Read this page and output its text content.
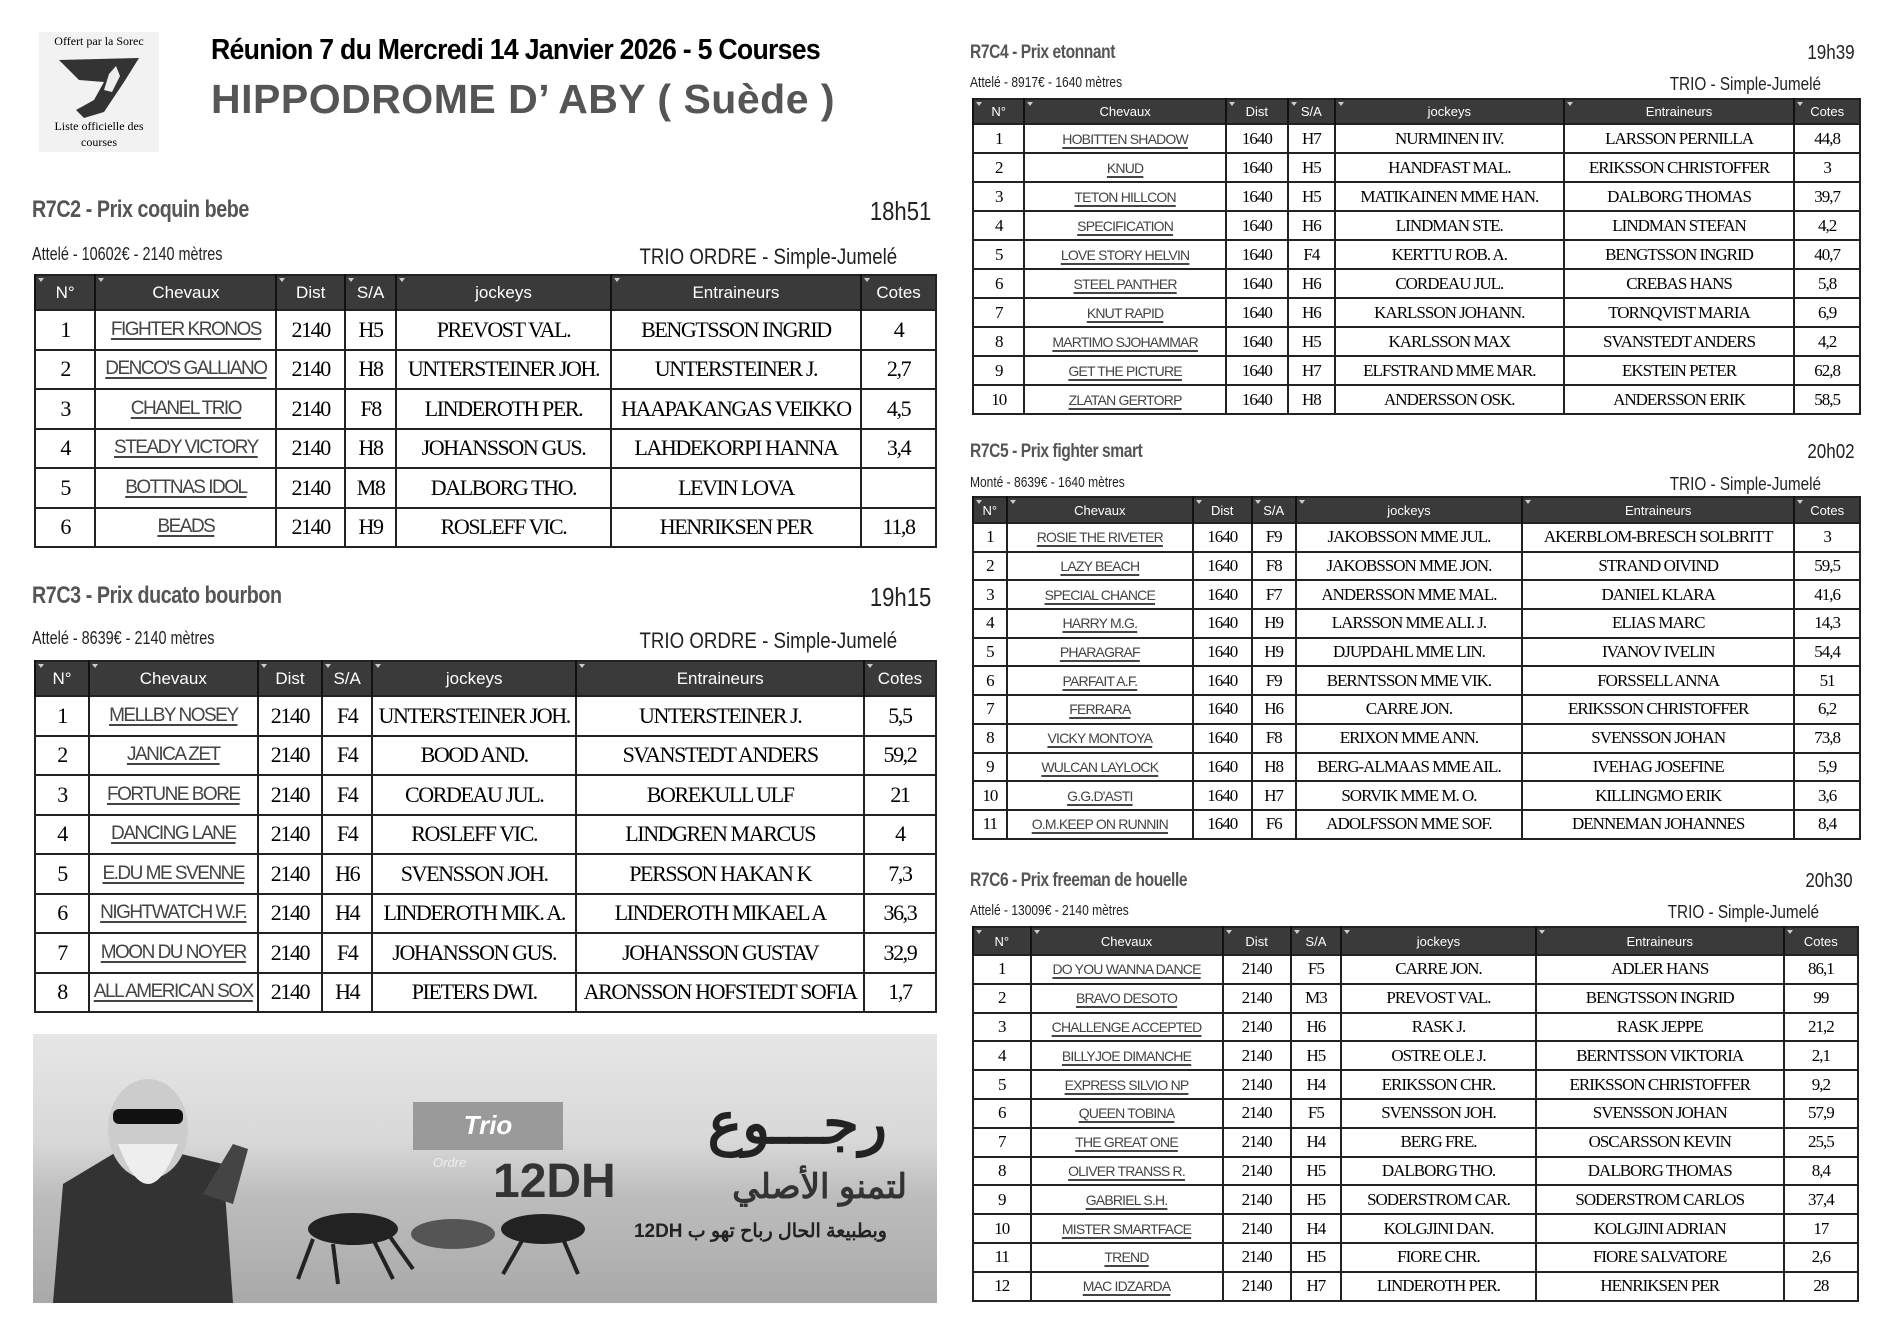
Offert par la Sorec
Liste officielle des courses
Réunion 7 du Mercredi 14 Janvier 2026 - 5 Courses
HIPPODROME D’ ABY ( Suède )
R7C2 - Prix coquin bebe	18h51
Attelé - 10602€ - 2140 mètres	TRIO ORDRE - Simple-Jumelé
N°	Chevaux	Dist	S/A	jockeys	Entraineurs	Cotes
1	FIGHTER KRONOS	2140	H5	PREVOST VAL.	BENGTSSON INGRID	4
2	DENCO'S GALLIANO	2140	H8	UNTERSTEINER JOH.	UNTERSTEINER J.	2,7
3	CHANEL TRIO	2140	F8	LINDEROTH PER.	HAAPAKANGAS VEIKKO	4,5
4	STEADY VICTORY	2140	H8	JOHANSSON GUS.	LAHDEKORPI HANNA	3,4
5	BOTTNAS IDOL	2140	M8	DALBORG THO.	LEVIN LOVA	
6	BEADS	2140	H9	ROSLEFF VIC.	HENRIKSEN PER	11,8
R7C3 - Prix ducato bourbon	19h15
Attelé - 8639€ - 2140 mètres	TRIO ORDRE - Simple-Jumelé
N°	Chevaux	Dist	S/A	jockeys	Entraineurs	Cotes
1	MELLBY NOSEY	2140	F4	UNTERSTEINER JOH.	UNTERSTEINER J.	5,5
2	JANICA ZET	2140	F4	BOOD AND.	SVANSTEDT ANDERS	59,2
3	FORTUNE BORE	2140	F4	CORDEAU JUL.	BOREKULL ULF	21
4	DANCING LANE	2140	F4	ROSLEFF VIC.	LINDGREN MARCUS	4
5	E.DU ME SVENNE	2140	H6	SVENSSON JOH.	PERSSON HAKAN K	7,3
6	NIGHTWATCH W.F.	2140	H4	LINDEROTH MIK. A.	LINDEROTH MIKAEL A	36,3
7	MOON DU NOYER	2140	F4	JOHANSSON GUS.	JOHANSSON GUSTAV	32,9
8	ALL AMERICAN SOX	2140	H4	PIETERS DWI.	ARONSSON HOFSTEDT SOFIA	1,7
R7C4 - Prix etonnant	19h39
Attelé - 8917€ - 1640 mètres	TRIO - Simple-Jumelé
N°	Chevaux	Dist	S/A	jockeys	Entraineurs	Cotes
1	HOBITTEN SHADOW	1640	H7	NURMINEN IIV.	LARSSON PERNILLA	44,8
2	KNUD	1640	H5	HANDFAST MAL.	ERIKSSON CHRISTOFFER	3
3	TETON HILLCON	1640	H5	MATIKAINEN MME HAN.	DALBORG THOMAS	39,7
4	SPECIFICATION	1640	H6	LINDMAN STE.	LINDMAN STEFAN	4,2
5	LOVE STORY HELVIN	1640	F4	KERTTU ROB. A.	BENGTSSON INGRID	40,7
6	STEEL PANTHER	1640	H6	CORDEAU JUL.	CREBAS HANS	5,8
7	KNUT RAPID	1640	H6	KARLSSON JOHANN.	TORNQVIST MARIA	6,9
8	MARTIMO SJOHAMMAR	1640	H5	KARLSSON MAX	SVANSTEDT ANDERS	4,2
9	GET THE PICTURE	1640	H7	ELFSTRAND MME MAR.	EKSTEIN PETER	62,8
10	ZLATAN GERTORP	1640	H8	ANDERSSON OSK.	ANDERSSON ERIK	58,5
R7C5 - Prix fighter smart	20h02
Monté - 8639€ - 1640 mètres	TRIO - Simple-Jumelé
N°	Chevaux	Dist	S/A	jockeys	Entraineurs	Cotes
1	ROSIE THE RIVETER	1640	F9	JAKOBSSON MME JUL.	AKERBLOM-BRESCH SOLBRITT	3
2	LAZY BEACH	1640	F8	JAKOBSSON MME JON.	STRAND OIVIND	59,5
3	SPECIAL CHANCE	1640	F7	ANDERSSON MME MAL.	DANIEL KLARA	41,6
4	HARRY M.G.	1640	H9	LARSSON MME ALI. J.	ELIAS MARC	14,3
5	PHARAGRAF	1640	H9	DJUPDAHL MME LIN.	IVANOV IVELIN	54,4
6	PARFAIT A.F.	1640	F9	BERNTSSON MME VIK.	FORSSELL ANNA	51
7	FERRARA	1640	H6	CARRE JON.	ERIKSSON CHRISTOFFER	6,2
8	VICKY MONTOYA	1640	F8	ERIXON MME ANN.	SVENSSON JOHAN	73,8
9	WULCAN LAYLOCK	1640	H8	BERG-ALMAAS MME AIL.	IVEHAG JOSEFINE	5,9
10	G.G.D'ASTI	1640	H7	SORVIK MME M. O.	KILLINGMO ERIK	3,6
11	O.M.KEEP ON RUNNIN	1640	F6	ADOLFSSON MME SOF.	DENNEMAN JOHANNES	8,4
R7C6 - Prix freeman de houelle	20h30
Attelé - 13009€ - 2140 mètres	TRIO - Simple-Jumelé
N°	Chevaux	Dist	S/A	jockeys	Entraineurs	Cotes
1	DO YOU WANNA DANCE	2140	F5	CARRE JON.	ADLER HANS	86,1
2	BRAVO DESOTO	2140	M3	PREVOST VAL.	BENGTSSON INGRID	99
3	CHALLENGE ACCEPTED	2140	H6	RASK J.	RASK JEPPE	21,2
4	BILLYJOE DIMANCHE	2140	H5	OSTRE OLE J.	BERNTSSON VIKTORIA	2,1
5	EXPRESS SILVIO NP	2140	H4	ERIKSSON CHR.	ERIKSSON CHRISTOFFER	9,2
6	QUEEN TOBINA	2140	F5	SVENSSON JOH.	SVENSSON JOHAN	57,9
7	THE GREAT ONE	2140	H4	BERG FRE.	OSCARSSON KEVIN	25,5
8	OLIVER TRANSS R.	2140	H5	DALBORG THO.	DALBORG THOMAS	8,4
9	GABRIEL S.H.	2140	H5	SODERSTROM CAR.	SODERSTROM CARLOS	37,4
10	MISTER SMARTFACE	2140	H4	KOLGJINI DAN.	KOLGJINI ADRIAN	17
11	TREND	2140	H5	FIORE CHR.	FIORE SALVATORE	2,6
12	MAC IDZARDA	2140	H7	LINDEROTH PER.	HENRIKSEN PER	28
Trio
Ordre
رجـــوع
12DH	لتمنو الأصلي
وبطبيعة الحال رباح تهو ب 12DH
